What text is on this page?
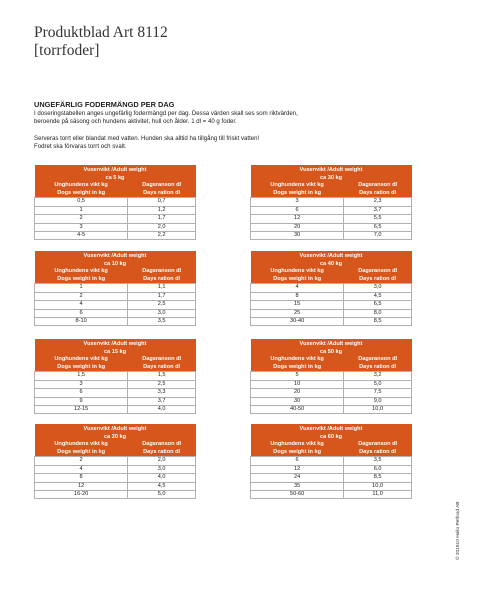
Produktblad Art 8112
[torrfoder]
UNGEFÄRLIG FODERMÄNGD PER DAG
I doseringstabellen anges ungefärlig fodermängd per dag. Dessa värden skall ses som riktvärden,
beroende på säsong och hundens aktivitet, hull och ålder. 1 dl = 40 g foder.
Serveras torrt eller blandat med vatten. Hunden ska alltid ha tillgång till friskt vatten!
Fodret ska förvaras torrt och svalt.
Vuxenvikt /Adult weight	
ca 5 kg	
Unghundens vikt kg	Dagsranson dl
Dogs weight in kg	Days ration dl
0,5	0,7
1	1,2
2	1,7
3	2,0
4-5	2,2
Vuxenvikt /Adult weight	
ca 30 kg	
Unghundens vikt kg	Dagsranson dl
Dogs weight in kg	Days ration dl
3	2,3
6	3,7
12	5,5
20	6,5
30	7,0
Vuxenvikt /Adult weight	
ca 10 kg	
Unghundens vikt kg	Dagsranson dl
Dogs weight in kg	Days ration dl
1	1,1
2	1,7
4	2,5
6	3,0
8-10	3,5
Vuxenvikt /Adult weight	
ca 40 kg	
Unghundens vikt kg	Dagsranson dl
Dogs weight in kg	Days ration dl
4	3,0
8	4,5
15	6,5
25	8,0
30-40	8,5
Vuxenvikt /Adult weight	
ca 15 kg	
Unghundens vikt kg	Dagsranson dl
Dogs weight in kg	Days ration dl
1,5	1,5
3	2,5
6	3,3
9	3,7
12-15	4,0
Vuxenvikt /Adult weight	
ca 50 kg	
Unghundens vikt kg	Dagsranson dl
Dogs weight in kg	Days ration dl
5	3,2
10	5,0
20	7,5
30	9,0
40-50	10,0
Vuxenvikt /Adult weight	
ca 20 kg	
Unghundens vikt kg	Dagsranson dl
Dogs weight in kg	Days ration dl
2	2,0
4	3,0
8	4,0
12	4,5
16-20	5,0
Vuxenvikt /Adult weight	
ca 60 kg	
Unghundens vikt kg	Dagsranson dl
Dogs weight in kg	Days ration dl
6	3,5
12	6,0
24	8,5
35	10,0
50-60	11,0
© 201910 Hallo Petfood AB
